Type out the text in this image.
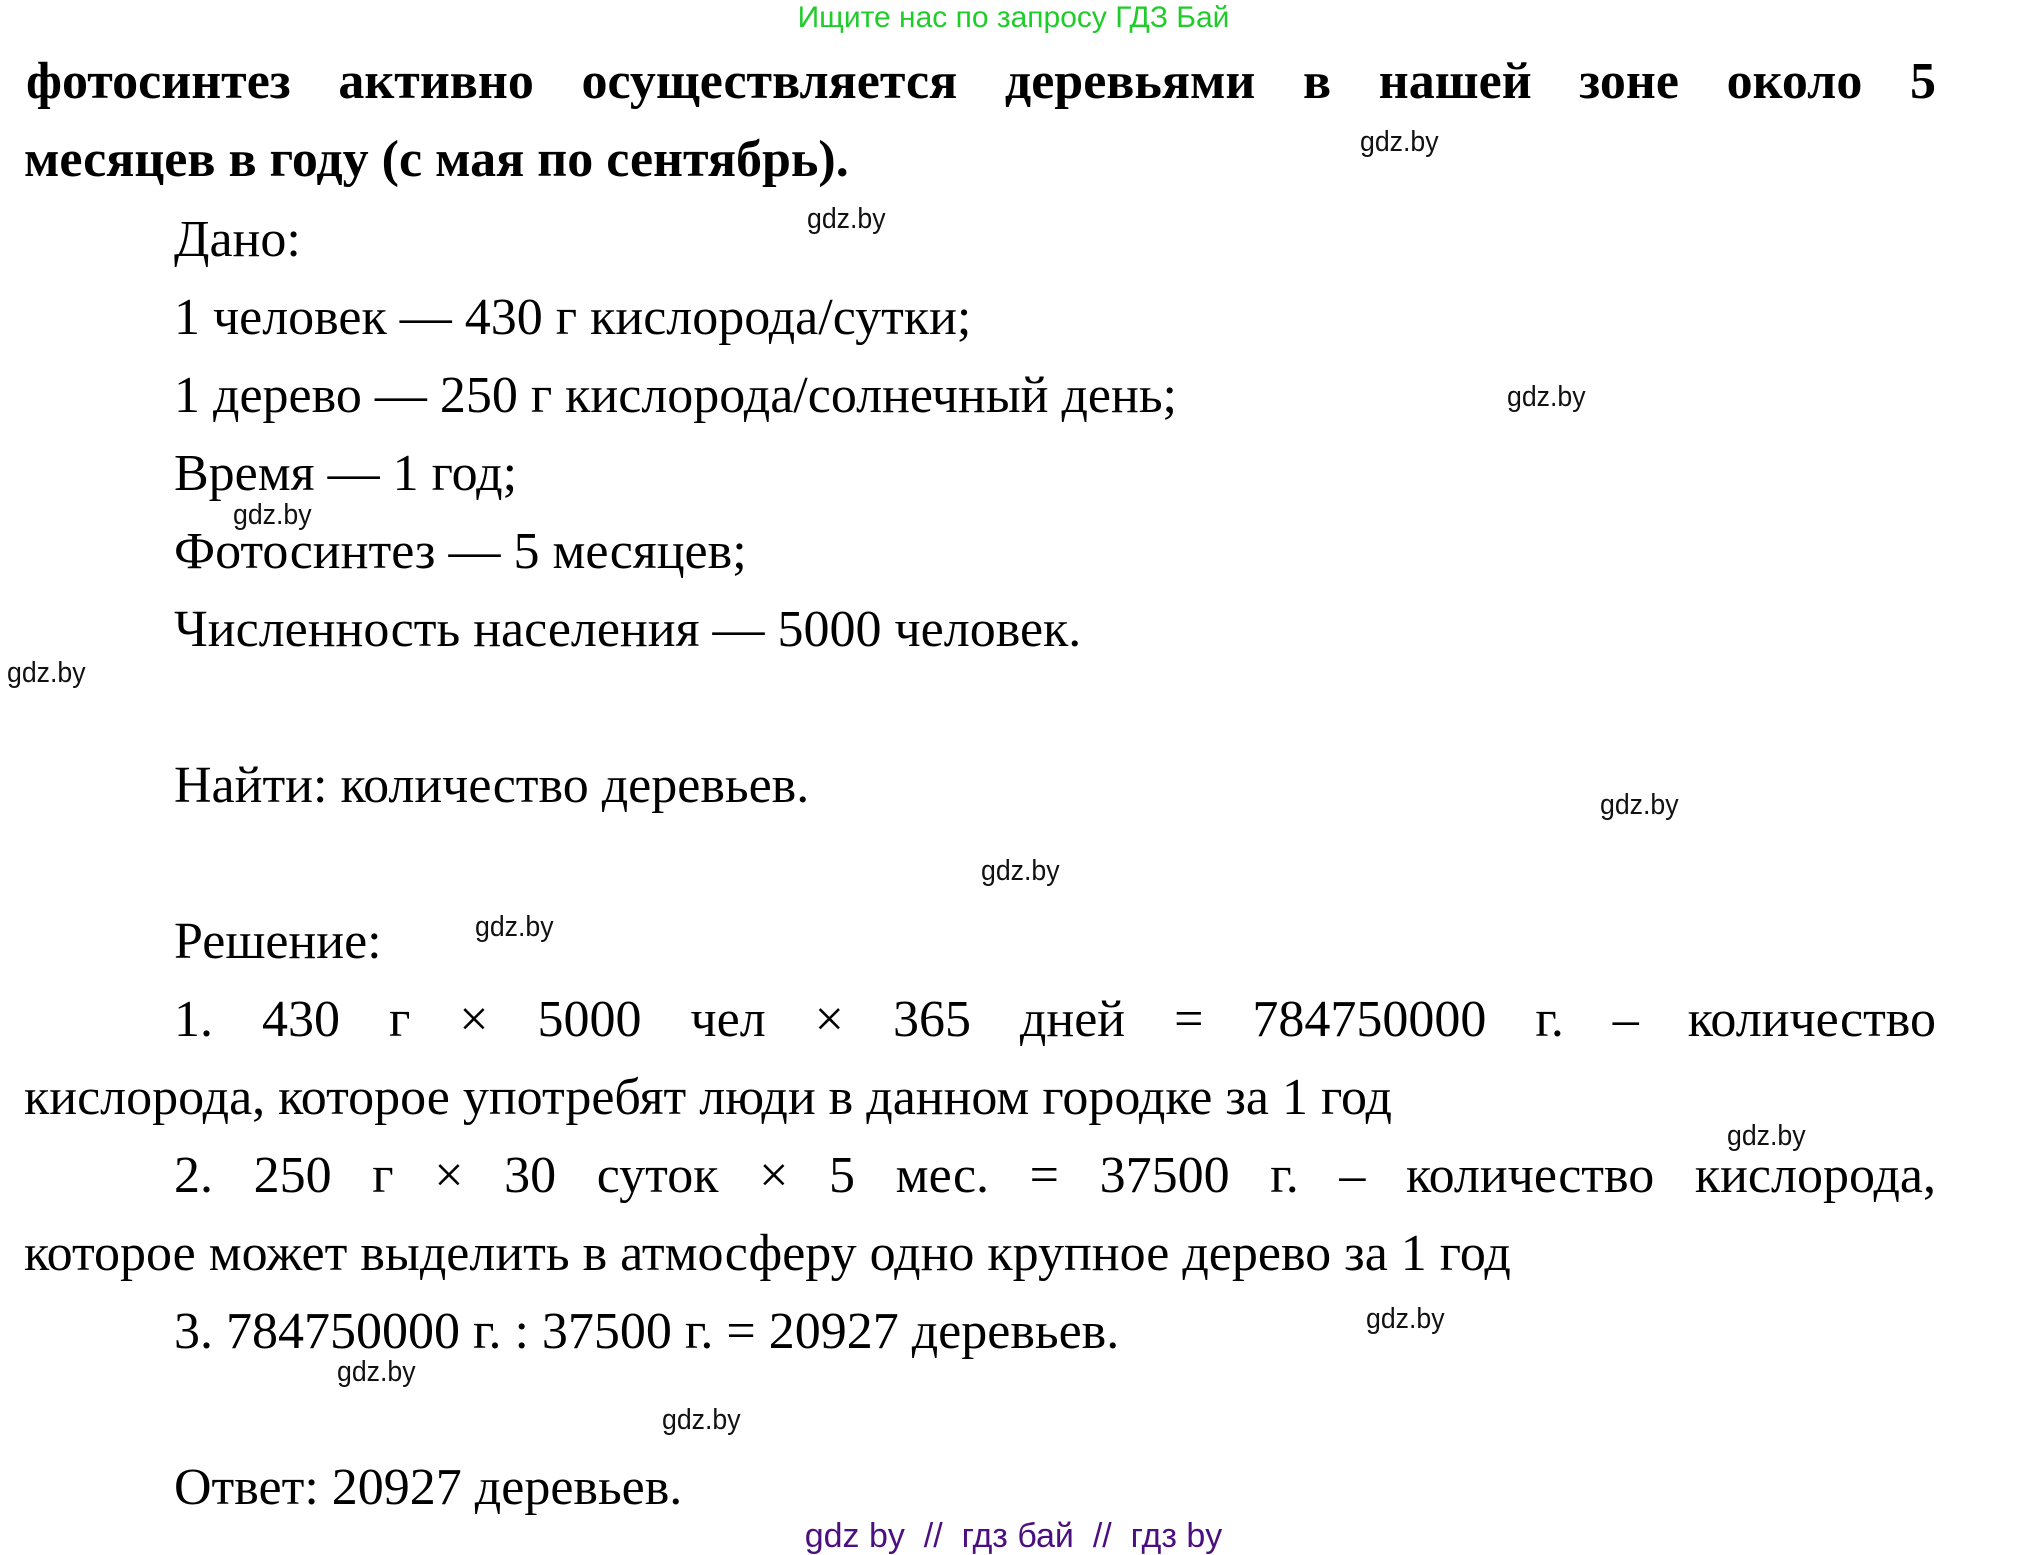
Ищите нас по запросу ГДЗ Бай
фотосинтез активно осуществляется деревьями в нашей зоне около 5
месяцев в году (с мая по сентябрь).
Дано:
1 человек — 430 г кислорода/сутки;
1 дерево — 250 г кислорода/солнечный день;
Время — 1 год;
Фотосинтез — 5 месяцев;
Численность населения — 5000 человек.
Найти: количество деревьев.
Решение:
1. 430 г × 5000 чел × 365 дней = 784750000 г. – количество
кислорода, которое употребят люди в данном городке за 1 год
2. 250 г × 30 суток × 5 мес. = 37500 г. – количество кислорода,
которое может выделить в атмосферу одно крупное дерево за 1 год
3. 784750000 г. : 37500 г. = 20927 деревьев.
Ответ: 20927 деревьев.
gdz.by
gdz.by
gdz.by
gdz.by
gdz.by
gdz.by
gdz.by
gdz.by
gdz.by
gdz.by
gdz.by
gdz.by
gdz by  //  гдз бай  //  гдз by
